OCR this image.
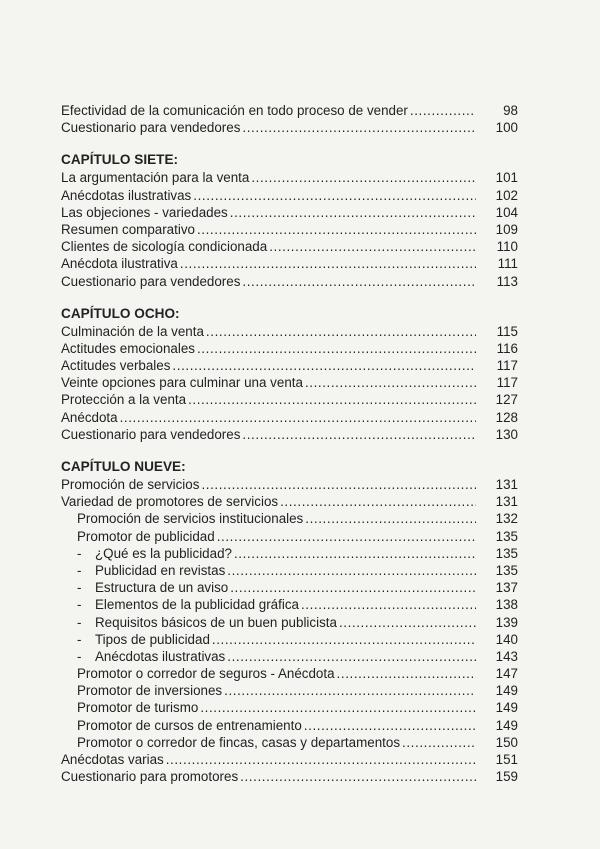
Efectividad de la comunicación en todo proceso de vender .....	98
Cuestionario para vendedores .....	100
CAPÍTULO SIETE:
La argumentación para la venta .....	101
Anécdotas ilustrativas .....	102
Las objeciones - variedades .....	104
Resumen comparativo .....	109
Clientes de sicología condicionada .....	110
Anécdota ilustrativa .....	111
Cuestionario para vendedores .....	113
CAPÍTULO OCHO:
Culminación de la venta .....	115
Actitudes emocionales .....	116
Actitudes verbales .....	117
Veinte opciones para culminar una venta .....	117
Protección a la venta .....	127
Anécdota .....	128
Cuestionario para vendedores .....	130
CAPÍTULO NUEVE:
Promoción de servicios .....	131
Variedad de promotores de servicios .....	131
Promoción de servicios institucionales .....	132
Promotor de publicidad .....	135
-	¿Qué es la publicidad? .....	135
-	Publicidad en revistas .....	135
-	Estructura de un aviso .....	137
-	Elementos de la publicidad gráfica .....	138
-	Requisitos básicos de un buen publicista .....	139
-	Tipos de publicidad .....	140
-	Anécdotas ilustrativas .....	143
Promotor o corredor de seguros - Anécdota .....	147
Promotor de inversiones .....	149
Promotor de turismo .....	149
Promotor de cursos de entrenamiento .....	149
Promotor o corredor de fincas, casas y departamentos .....	150
Anécdotas varias .....	151
Cuestionario para promotores .....	159
